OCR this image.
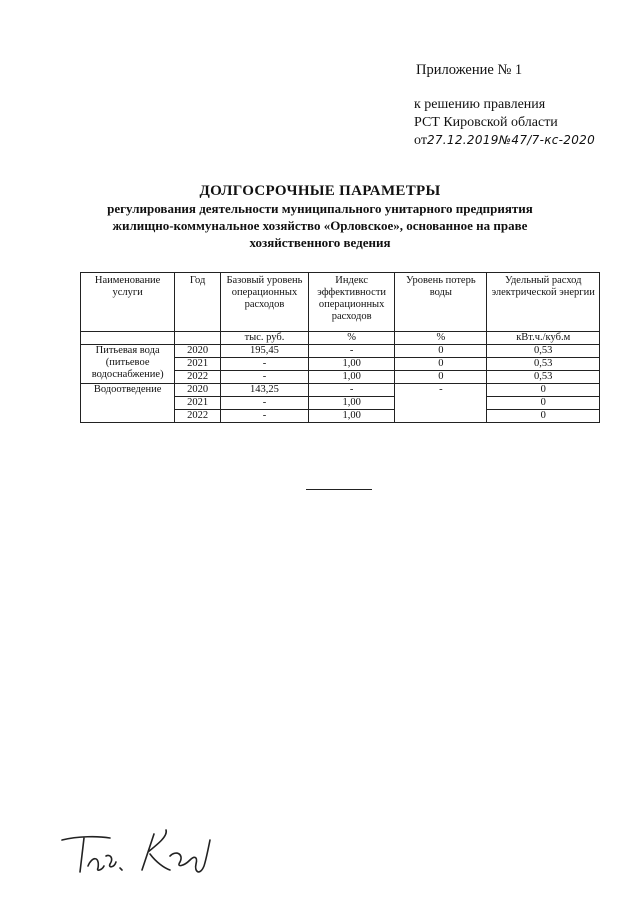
Приложение № 1
к решению правления
РСТ Кировской области
от27.12.2019№47/7-кс-2020
ДОЛГОСРОЧНЫЕ ПАРАМЕТРЫ
регулирования деятельности муниципального унитарного предприятия
жилищно-коммунальное хозяйство «Орловское», основанное на праве
хозяйственного ведения
Наименование услуги	Год	Базовый уровень операционных расходов	Индекс эффективности операционных расходов	Уровень потерь воды	Удельный расход электрической энергии
		тыс. руб.	%	%	кВт.ч./куб.м
Питьевая вода (питьевое водоснабжение)	2020	195,45	-	0	0,53
	2021	-	1,00	0	0,53
	2022	-	1,00	0	0,53
Водоотведение	2020	143,25	-	-	0
	2021	-	1,00		0
	2022	-	1,00		0
